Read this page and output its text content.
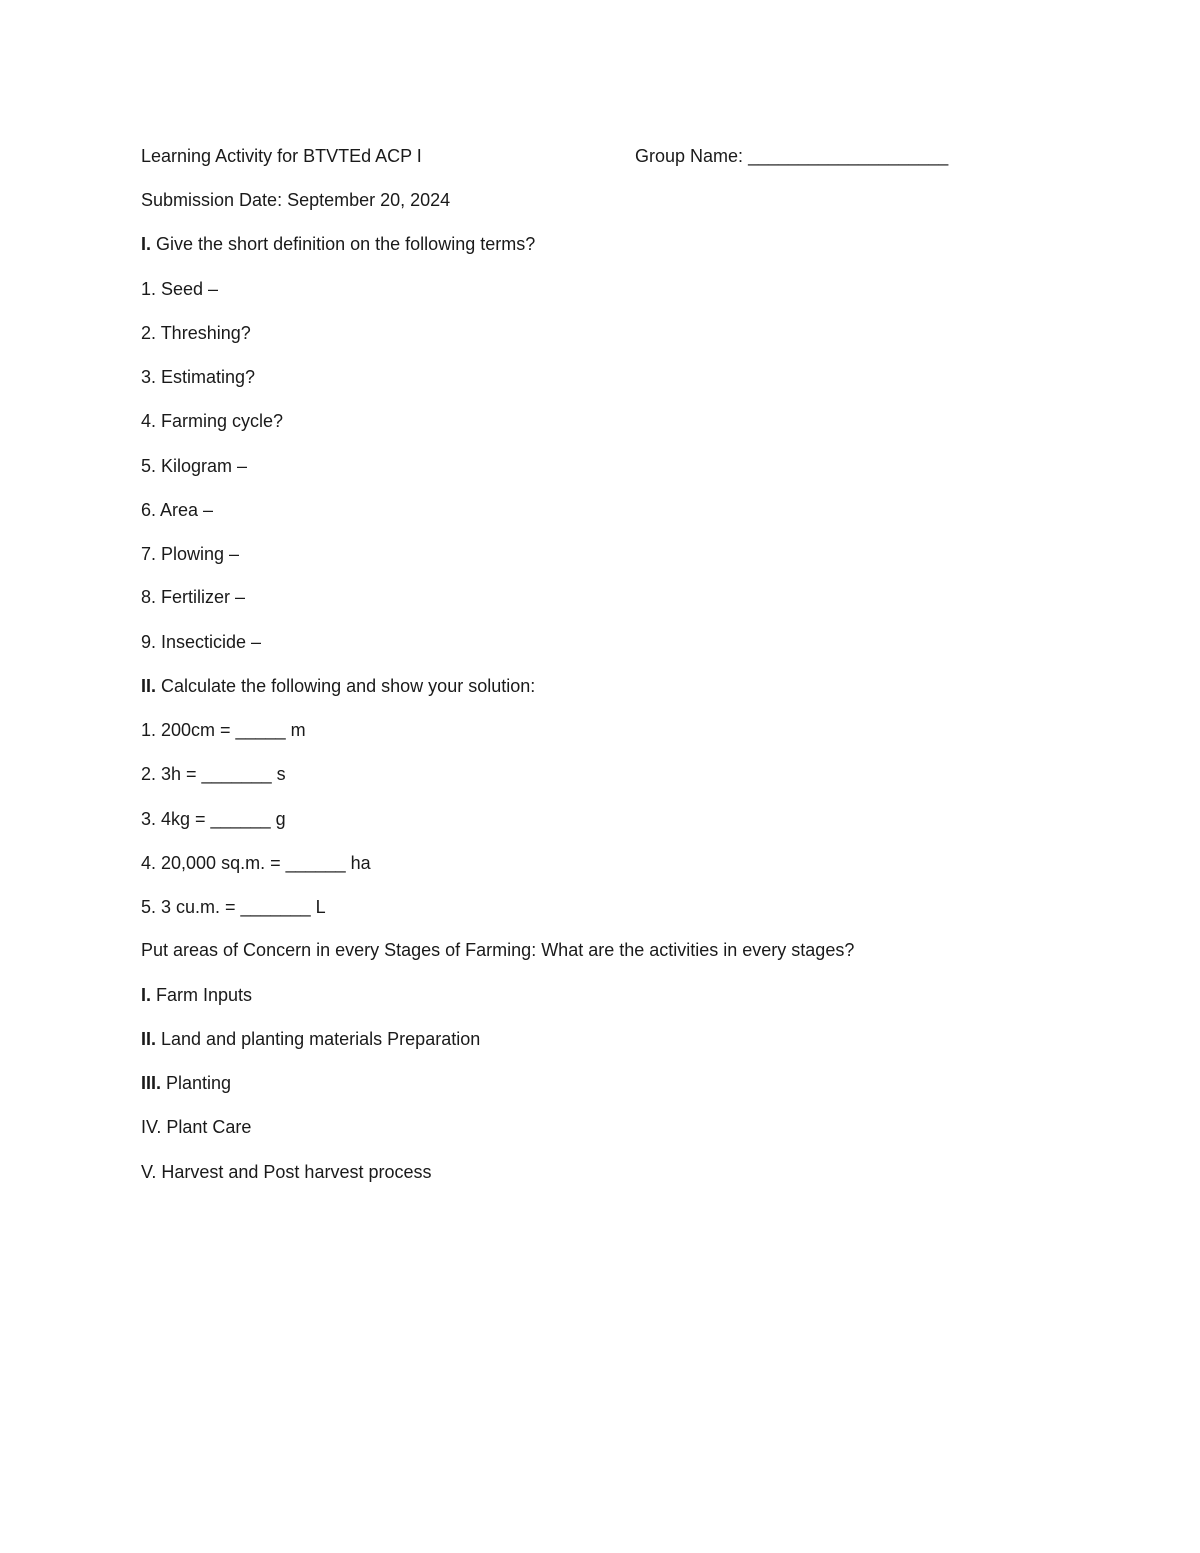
Learning Activity for BTVTEd ACP I	Group Name: ____________________
Submission Date: September 20, 2024
I. Give the short definition on the following terms?
1. Seed –
2. Threshing?
3. Estimating?
4. Farming cycle?
5. Kilogram –
6. Area –
7. Plowing –
8. Fertilizer –
9. Insecticide –
II. Calculate the following and show your solution:
1. 200cm = _____ m
2. 3h = _______ s
3. 4kg = ______ g
4. 20,000 sq.m. = ______ ha
5. 3 cu.m. = _______ L
Put areas of Concern in every Stages of Farming: What are the activities in every stages?
I. Farm Inputs
II. Land and planting materials Preparation
III. Planting
IV. Plant Care
V. Harvest and Post harvest process
